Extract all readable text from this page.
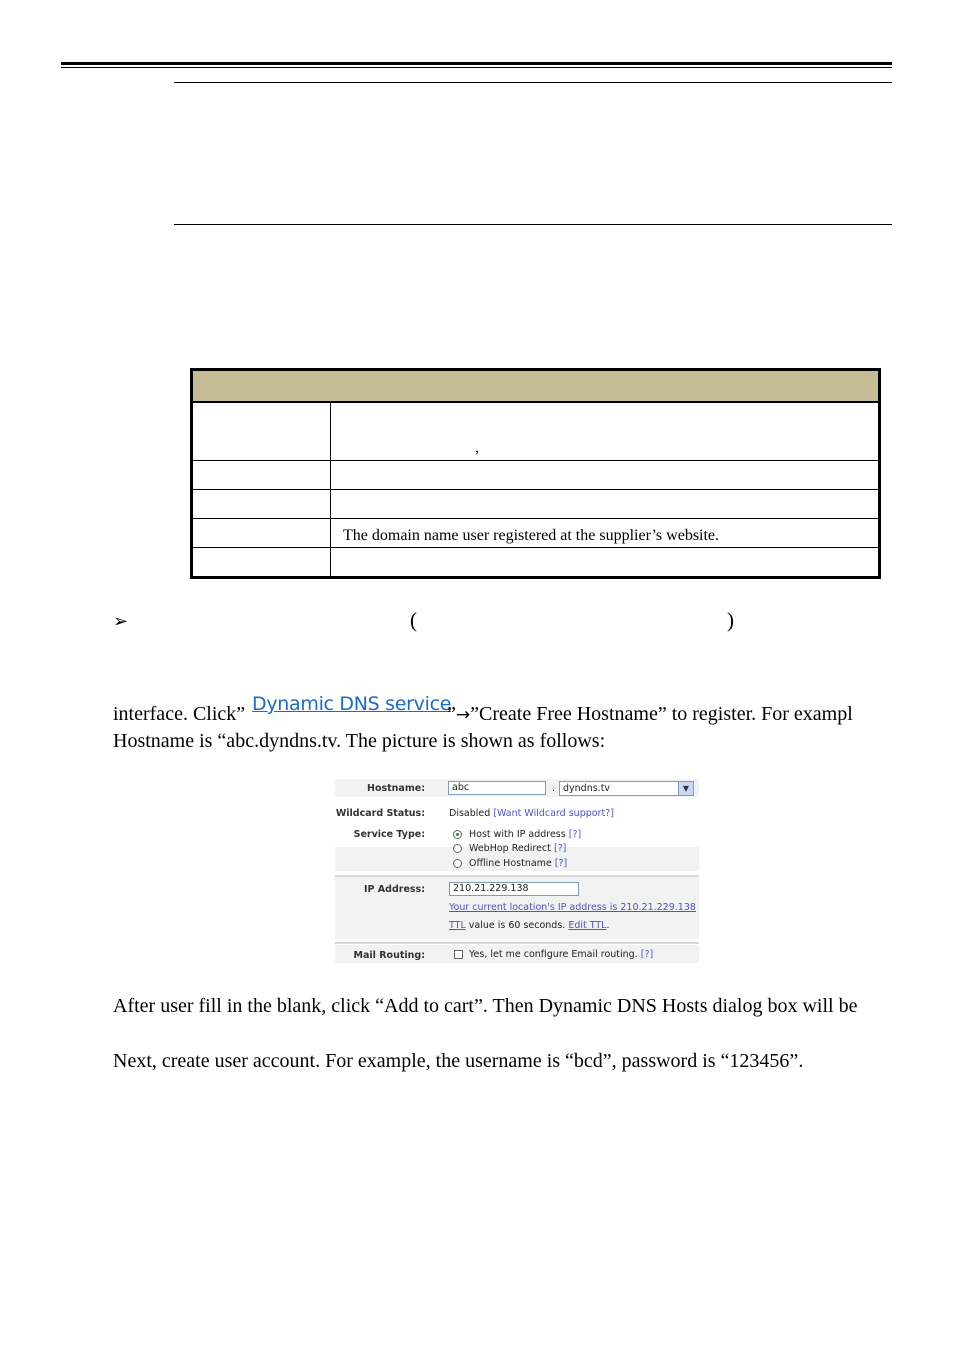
,
The domain name user registered at the supplier’s website.
➢	(	)
interface. Click” Dynamic DNS service
”→”Create Free Hostname” to register. For exampl
Hostname is “abc.dyndns.tv. The picture is shown as follows:
Hostname:	abc	. dyndns.tv	▼
Wildcard Status:	Disabled [Want Wildcard support?]
Service Type:	Host with IP address [?]
WebHop Redirect [?]
Offline Hostname [?]
IP Address:	210.21.229.138
Your current location's IP address is 210.21.229.138
TTL value is 60 seconds. Edit TTL.
Mail Routing:	Yes, let me configure Email routing. [?]
After user fill in the blank, click “Add to cart”. Then Dynamic DNS Hosts dialog box will be
Next, create user account. For example, the username is “bcd”, password is “123456”.
